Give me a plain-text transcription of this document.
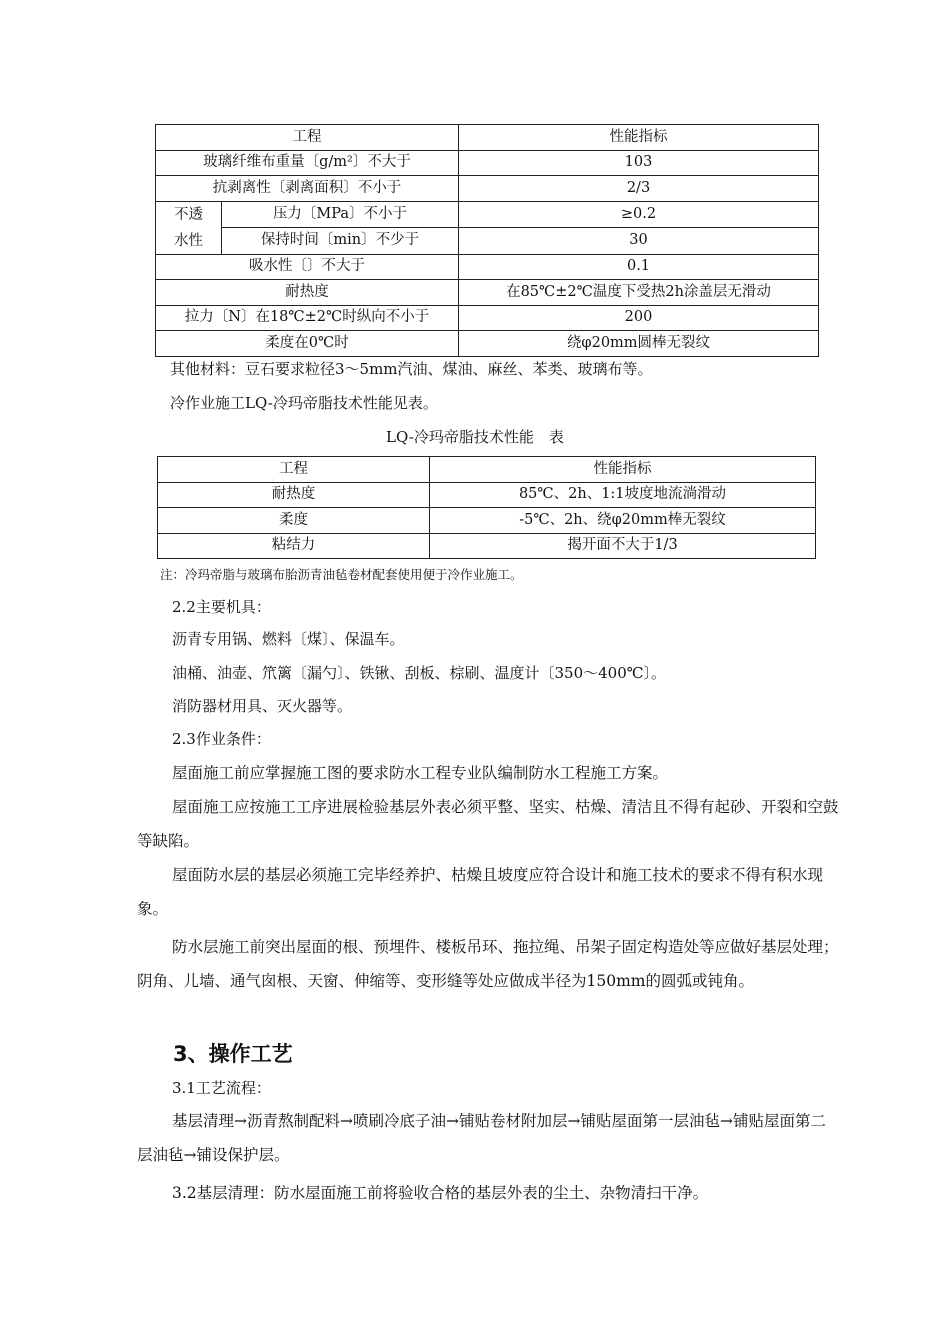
工程		性能指标
玻璃纤维布重量〔g/m²〕不大于		103
抗剥离性〔剥离面积〕不小于		2/3
不透水性	压力〔MPa〕不小于	≥0.2
	保持时间〔min〕不少于	30
吸水性〔〕不大于		0.1
耐热度		在85℃±2℃温度下受热2h涂盖层无滑动
拉力〔N〕在18℃±2℃时纵向不小于		200
柔度在0℃时		绕φ20mm圆棒无裂纹
其他材料：豆石要求粒径3～5mm汽油、煤油、麻丝、苯类、玻璃布等。
冷作业施工LQ-冷玛帝脂技术性能见表。
LQ-冷玛帝脂技术性能　表
工程	性能指标
耐热度	85℃、2h、1:1坡度地流淌滑动
柔度	-5℃、2h、绕φ20mm棒无裂纹
粘结力	揭开面不大于1/3
注：冷玛帝脂与玻璃布胎沥青油毡卷材配套使用便于冷作业施工。
2.2主要机具：
沥青专用锅、燃料〔煤〕、保温车。
油桶、油壶、笊篱〔漏勺〕、铁锹、刮板、棕刷、温度计〔350～400℃〕。
消防器材用具、灭火器等。
2.3作业条件：
屋面施工前应掌握施工图的要求防水工程专业队编制防水工程施工方案。
屋面施工应按施工工序进展检验基层外表必须平整、坚实、枯燥、清洁且不得有起砂、开裂和空鼓等缺陷。
屋面防水层的基层必须施工完毕经养护、枯燥且坡度应符合设计和施工技术的要求不得有积水现象。
防水层施工前突出屋面的根、预埋件、楼板吊环、拖拉绳、吊架子固定构造处等应做好基层处理；阴角、儿墙、通气囱根、天窗、伸缩等、变形缝等处应做成半径为150mm的圆弧或钝角。
3、操作工艺
3.1工艺流程：
基层清理→沥青熬制配料→喷刷冷底子油→铺贴卷材附加层→铺贴屋面第一层油毡→铺贴屋面第二层油毡→铺设保护层。
3.2基层清理：防水屋面施工前将验收合格的基层外表的尘土、杂物清扫干净。
